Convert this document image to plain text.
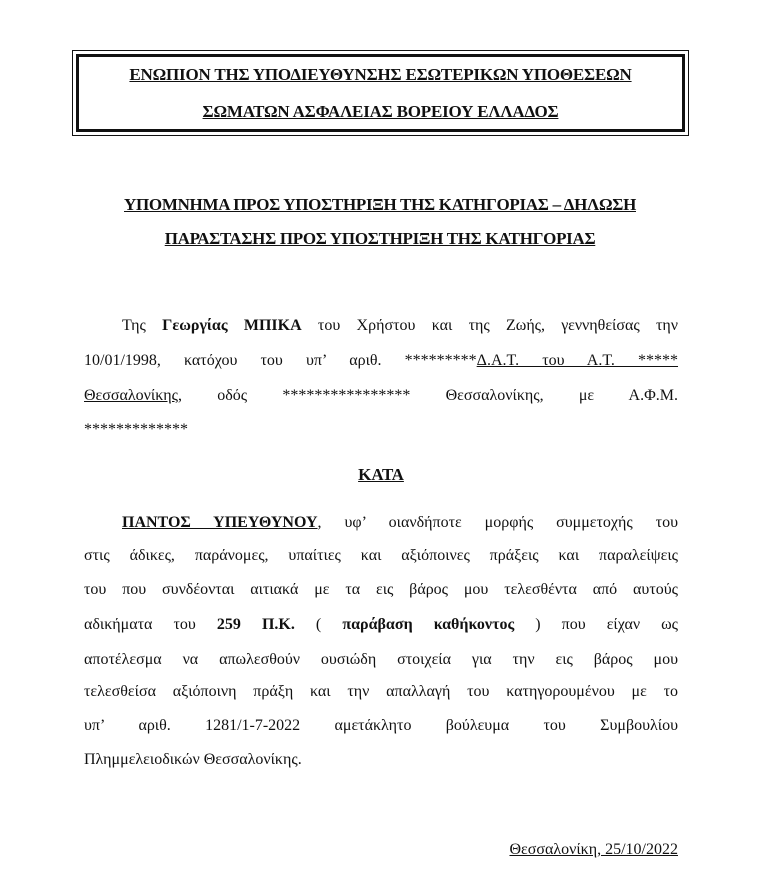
ΕΝΩΠΙΟΝ ΤΗΣ ΥΠΟΔΙΕΥΘΥΝΣΗΣ ΕΣΩΤΕΡΙΚΩΝ ΥΠΟΘΕΣΕΩΝ
ΣΩΜΑΤΩΝ ΑΣΦΑΛΕΙΑΣ ΒΟΡΕΙΟΥ ΕΛΛΑΔΟΣ
ΥΠΟΜΝΗΜΑ ΠΡΟΣ ΥΠΟΣΤΗΡΙΞΗ ΤΗΣ ΚΑΤΗΓΟΡΙΑΣ – ΔΗΛΩΣΗ
ΠΑΡΑΣΤΑΣΗΣ ΠΡΟΣ ΥΠΟΣΤΗΡΙΞΗ ΤΗΣ ΚΑΤΗΓΟΡΙΑΣ
Της Γεωργίας ΜΠΙΚΑ του Χρήστου και της Ζωής, γεννηθείσας την
10/01/1998, κατόχου του υπ’ αριθ. *********Δ.Α.Τ. του Α.Τ. *****
Θεσσαλονίκης, οδός **************** Θεσσαλονίκης, με Α.Φ.Μ.
*************
ΚΑΤΑ
ΠΑΝΤΟΣ ΥΠΕΥΘΥΝΟΥ, υφ’ οιανδήποτε μορφής συμμετοχής του
στις άδικες, παράνομες, υπαίτιες και αξιόποινες πράξεις και παραλείψεις
του που συνδέονται αιτιακά με τα εις βάρος μου τελεσθέντα από αυτούς
αδικήματα του 259 Π.Κ. ( παράβαση καθήκοντος ) που είχαν ως
αποτέλεσμα να απωλεσθούν ουσιώδη στοιχεία για την εις βάρος μου
τελεσθείσα αξιόποινη πράξη και την απαλλαγή του κατηγορουμένου με το
υπ’ αριθ. 1281/1-7-2022 αμετάκλητο βούλευμα του Συμβουλίου
Πλημμελειοδικών Θεσσαλονίκης.
Θεσσαλονίκη, 25/10/2022
